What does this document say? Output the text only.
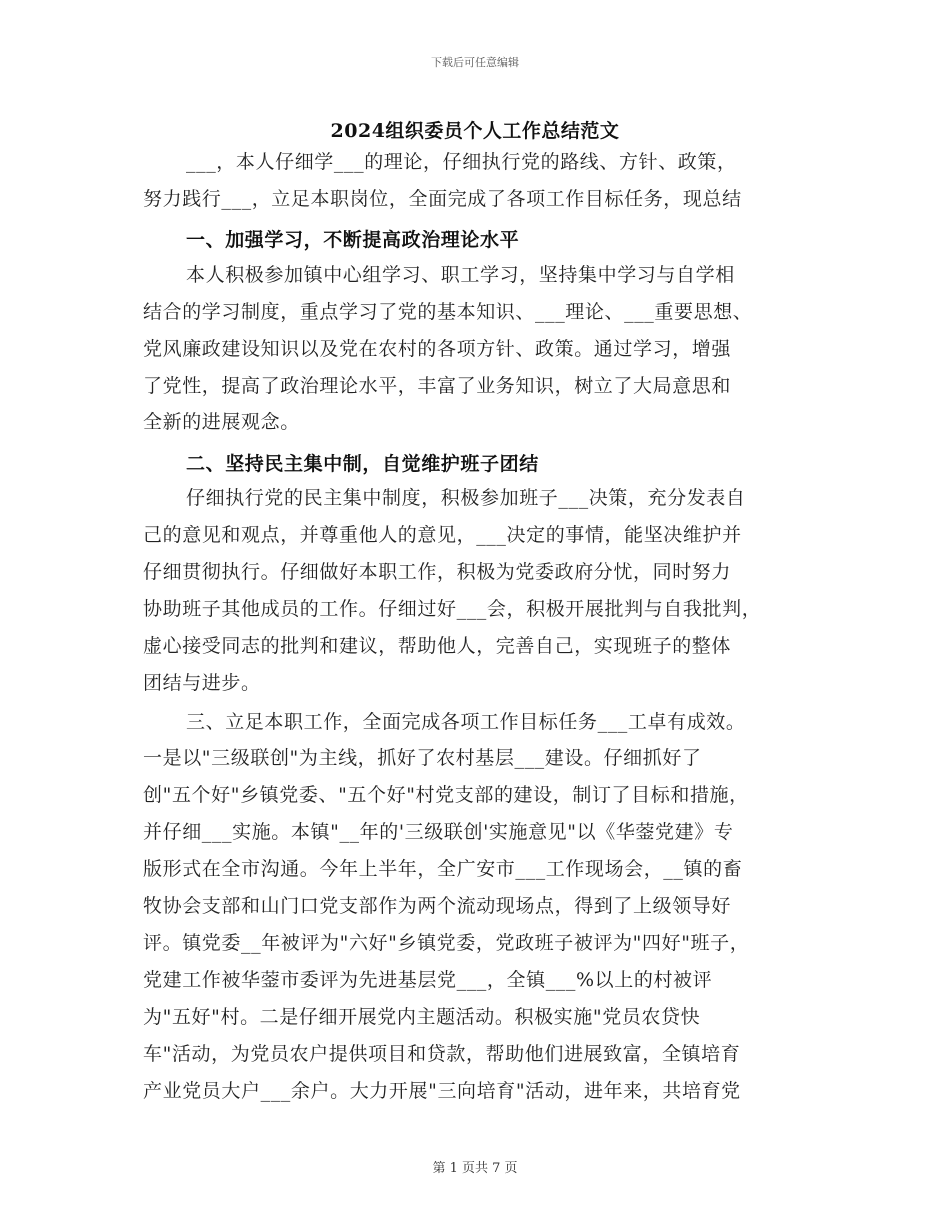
下载后可任意编辑
2024组织委员个人工作总结范文
___，本人仔细学___的理论，仔细执行党的路线、方针、政策，
努力践行___，立足本职岗位，全面完成了各项工作目标任务，现总结
一、加强学习，不断提高政治理论水平
本人积极参加镇中心组学习、职工学习，坚持集中学习与自学相
结合的学习制度，重点学习了党的基本知识、___理论、___重要思想、
党风廉政建设知识以及党在农村的各项方针、政策。通过学习，增强
了党性，提高了政治理论水平，丰富了业务知识，树立了大局意思和
全新的进展观念。
二、坚持民主集中制，自觉维护班子团结
仔细执行党的民主集中制度，积极参加班子___决策，充分发表自
己的意见和观点，并尊重他人的意见，___决定的事情，能坚决维护并
仔细贯彻执行。仔细做好本职工作，积极为党委政府分忧，同时努力
协助班子其他成员的工作。仔细过好___会，积极开展批判与自我批判，
虚心接受同志的批判和建议，帮助他人，完善自己，实现班子的整体
团结与进步。
三、立足本职工作，全面完成各项工作目标任务___工卓有成效。
一是以"三级联创"为主线，抓好了农村基层___建设。仔细抓好了
创"五个好"乡镇党委、"五个好"村党支部的建设，制订了目标和措施，
并仔细___实施。本镇"__年的'三级联创'实施意见"以《华蓥党建》专
版形式在全市沟通。今年上半年，全广安市___工作现场会，__镇的畜
牧协会支部和山门口党支部作为两个流动现场点，得到了上级领导好
评。镇党委__年被评为"六好"乡镇党委，党政班子被评为"四好"班子，
党建工作被华蓥市委评为先进基层党___，全镇___%以上的村被评
为"五好"村。二是仔细开展党内主题活动。积极实施"党员农贷快
车"活动，为党员农户提供项目和贷款，帮助他们进展致富，全镇培育
产业党员大户___余户。大力开展"三向培育"活动，进年来，共培育党
第 1 页共 7 页
